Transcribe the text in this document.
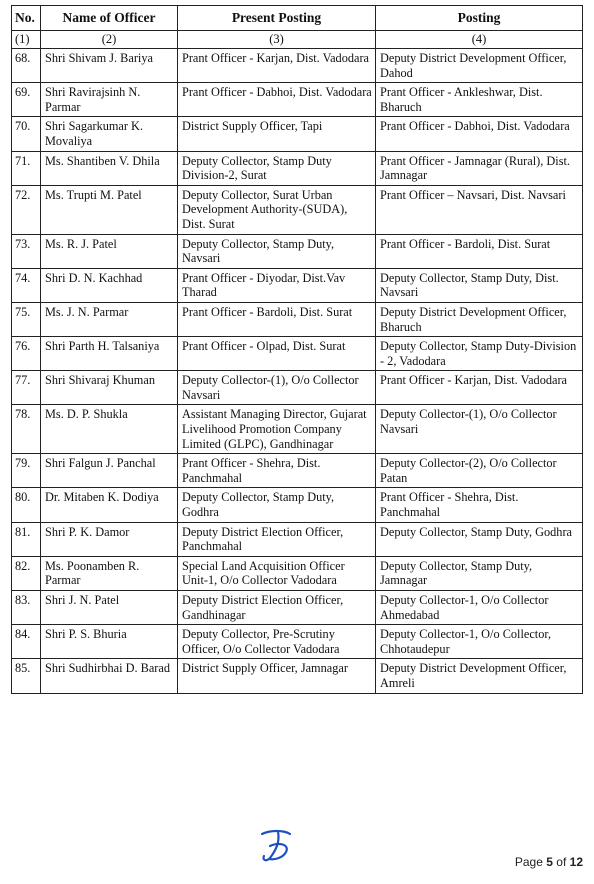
No.	Name of Officer	Present Posting	Posting
(1)	(2)	(3)	(4)
68.	Shri Shivam J. Bariya	Prant Officer - Karjan, Dist. Vadodara	Deputy District Development Officer, Dahod
69.	Shri Ravirajsinh N. Parmar	Prant Officer - Dabhoi, Dist. Vadodara	Prant Officer - Ankleshwar, Dist. Bharuch
70.	Shri Sagarkumar K. Movaliya	District Supply Officer, Tapi	Prant Officer - Dabhoi, Dist. Vadodara
71.	Ms. Shantiben V. Dhila	Deputy Collector, Stamp Duty Division-2, Surat	Prant Officer - Jamnagar (Rural), Dist. Jamnagar
72.	Ms. Trupti M. Patel	Deputy Collector, Surat Urban Development Authority-(SUDA), Dist. Surat	Prant Officer – Navsari, Dist. Navsari
73.	Ms. R. J. Patel	Deputy Collector, Stamp Duty, Navsari	Prant Officer - Bardoli, Dist. Surat
74.	Shri D. N. Kachhad	Prant Officer - Diyodar, Dist.Vav Tharad	Deputy Collector, Stamp Duty, Dist. Navsari
75.	Ms. J. N. Parmar	Prant Officer - Bardoli, Dist. Surat	Deputy District Development Officer, Bharuch
76.	Shri Parth H. Talsaniya	Prant Officer - Olpad, Dist. Surat	Deputy Collector, Stamp Duty-Division - 2, Vadodara
77.	Shri Shivaraj Khuman	Deputy Collector-(1), O/o Collector Navsari	Prant Officer - Karjan, Dist. Vadodara
78.	Ms. D. P. Shukla	Assistant Managing Director, Gujarat Livelihood Promotion Company Limited (GLPC), Gandhinagar	Deputy Collector-(1), O/o Collector Navsari
79.	Shri Falgun J. Panchal	Prant Officer - Shehra, Dist. Panchmahal	Deputy Collector-(2), O/o Collector Patan
80.	Dr. Mitaben K. Dodiya	Deputy Collector, Stamp Duty, Godhra	Prant Officer - Shehra, Dist. Panchmahal
81.	Shri P. K. Damor	Deputy District Election Officer, Panchmahal	Deputy Collector, Stamp Duty, Godhra
82.	Ms. Poonamben R. Parmar	Special Land Acquisition Officer Unit-1, O/o Collector Vadodara	Deputy Collector, Stamp Duty, Jamnagar
83.	Shri J. N. Patel	Deputy District Election Officer, Gandhinagar	Deputy Collector-1, O/o Collector Ahmedabad
84.	Shri P. S. Bhuria	Deputy Collector, Pre-Scrutiny Officer, O/o Collector Vadodara	Deputy Collector-1, O/o Collector, Chhotaudepur
85.	Shri Sudhirbhai D. Barad	District Supply Officer, Jamnagar	Deputy District Development Officer, Amreli
Page 5 of 12
